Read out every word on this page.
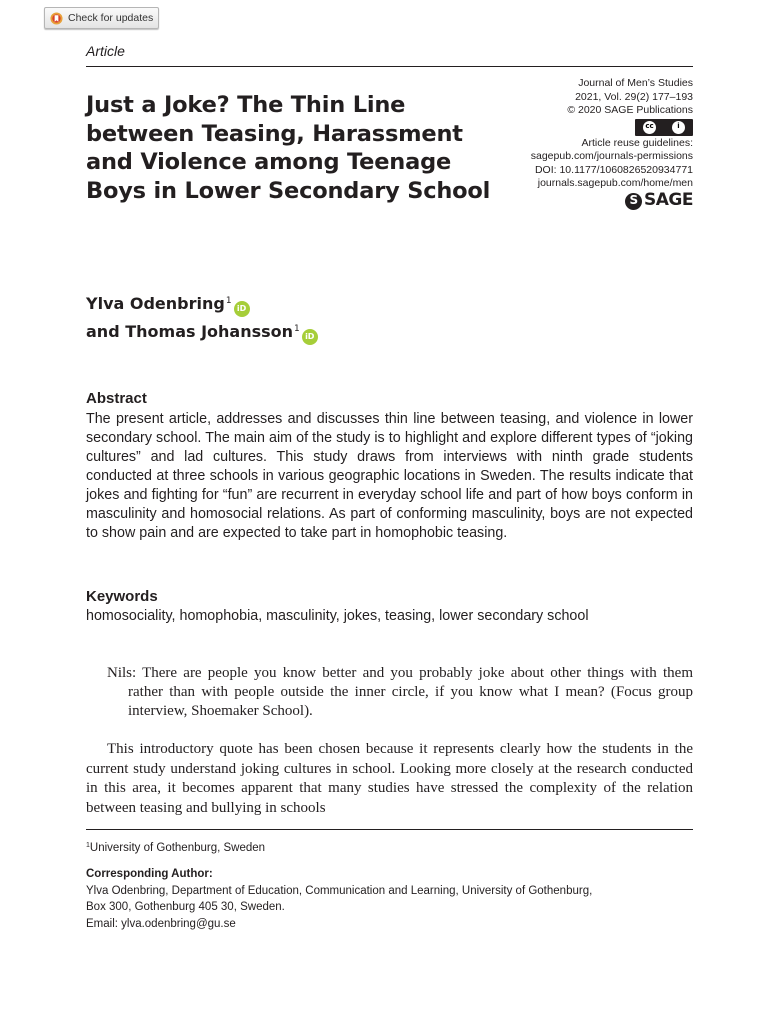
Check for updates
Article
Just a Joke? The Thin Line between Teasing, Harassment and Violence among Teenage Boys in Lower Secondary School
Journal of Men’s Studies
2021, Vol. 29(2) 177–193
© 2020 SAGE Publications
cc	i
Article reuse guidelines:
sagepub.com/journals-permissions
DOI: 10.1177/1060826520934771
journals.sagepub.com/home/men
S SAGE
Ylva Odenbring$^1$iD
and Thomas Johansson$^1$iD
Abstract

The present article, addresses and discusses thin line between teasing, and violence in lower secondary school. The main aim of the study is to highlight and explore different types of “joking cultures” and lad cultures. This study draws from interviews with ninth grade students conducted at three schools in various geographic locations in Sweden. The results indicate that jokes and fighting for “fun” are recurrent in everyday school life and part of how boys conform in masculinity and homosocial relations. As part of conforming masculinity, boys are not expected to show pain and are expected to take part in homophobic teasing.

Keywords

homosociality, homophobia, masculinity, jokes, teasing, lower secondary school

Nils: There are people you know better and you probably joke about other things with them rather than with people outside the inner circle, if you know what I mean? (Focus group interview, Shoemaker School).

This introductory quote has been chosen because it represents clearly how the students in the current study understand joking cultures in school. Looking more closely at the research conducted in this area, it becomes apparent that many studies have stressed the complexity of the relation between teasing and bullying in schools

$^1$University of Gothenburg, Sweden
Corresponding Author:
Ylva Odenbring, Department of Education, Communication and Learning, University of Gothenburg,
Box 300, Gothenburg 405 30, Sweden.
Email: ylva.odenbring@gu.se
